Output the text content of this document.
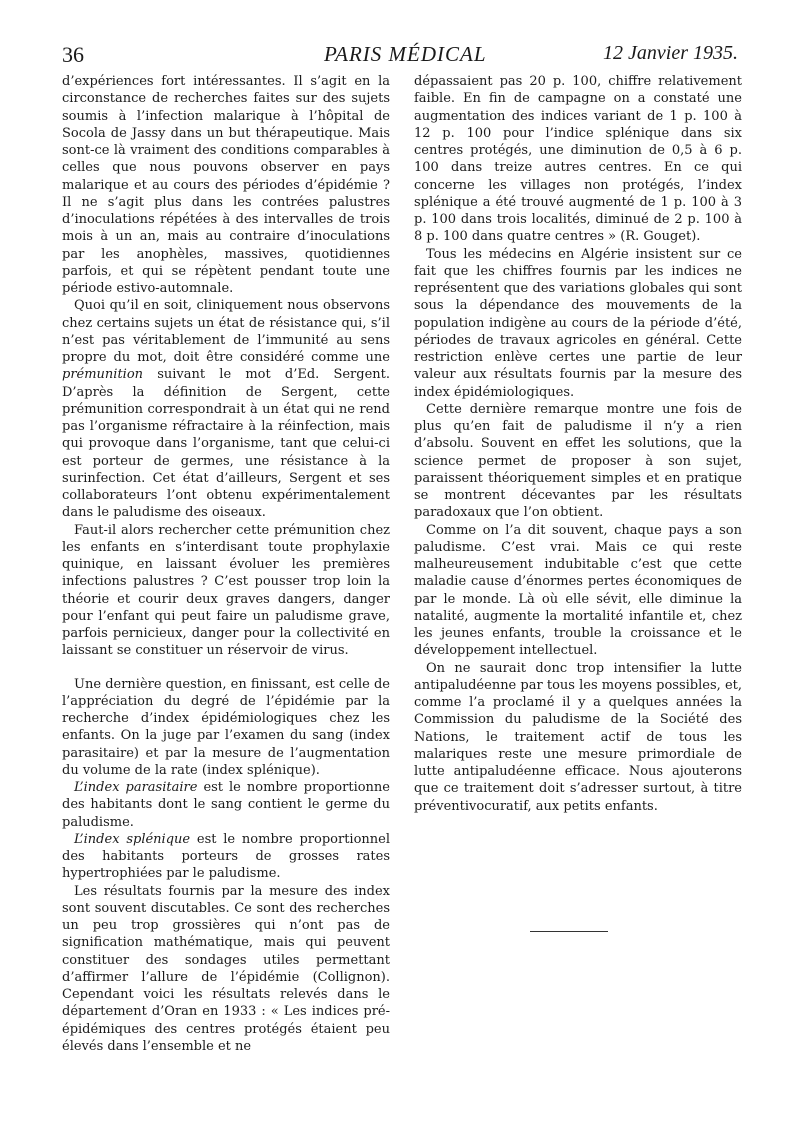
36	PARIS MÉDICAL	12 Janvier 1935.

d’expériences fort intéressantes. Il s’agit en la circonstance de recherches faites sur des sujets soumis à l’infection malarique à l’hôpital de Socola de Jassy dans un but thérapeutique. Mais sont-ce là vraiment des conditions comparables à celles que nous pouvons observer en pays malarique et au cours des périodes d’épidémie ? Il ne s’agit plus dans les contrées palustres d’inoculations répétées à des intervalles de trois mois à un an, mais au contraire d’inoculations par les anophèles, massives, quotidiennes parfois, et qui se répètent pendant toute une période estivo-automnale.

Quoi qu’il en soit, cliniquement nous observons chez certains sujets un état de résistance qui, s’il n’est pas véritablement de l’immunité au sens propre du mot, doit être considéré comme une prémunition suivant le mot d’Ed. Sergent. D’après la définition de Sergent, cette prémunition correspondrait à un état qui ne rend pas l’organisme réfractaire à la réinfection, mais qui provoque dans l’organisme, tant que celui-ci est porteur de germes, une résistance à la surinfection. Cet état d’ailleurs, Sergent et ses collaborateurs l’ont obtenu expérimentalement dans le paludisme des oiseaux.

Faut-il alors rechercher cette prémunition chez les enfants en s’interdisant toute prophylaxie quinique, en laissant évoluer les premières infections palustres ? C’est pousser trop loin la théorie et courir deux graves dangers, danger pour l’enfant qui peut faire un paludisme grave, parfois pernicieux, danger pour la collectivité en laissant se constituer un réservoir de virus.

Une dernière question, en finissant, est celle de l’appréciation du degré de l’épidémie par la recherche d’index épidémiologiques chez les enfants. On la juge par l’examen du sang (index parasitaire) et par la mesure de l’augmentation du volume de la rate (index splénique).

L’index parasitaire est le nombre proportionne des habitants dont le sang contient le germe du paludisme.

L’index splénique est le nombre proportionnel des habitants porteurs de grosses rates hypertrophiées par le paludisme.

Les résultats fournis par la mesure des index sont souvent discutables. Ce sont des recherches un peu trop grossières qui n’ont pas de signification mathématique, mais qui peuvent constituer des sondages utiles permettant d’affirmer l’allure de l’épidémie (Collignon). Cependant voici les résultats relevés dans le département d’Oran en 1933 : « Les indices pré-épidémiques des centres protégés étaient peu élevés dans l’ensemble et ne

dépassaient pas 20 p. 100, chiffre relativement faible. En fin de campagne on a constaté une augmentation des indices variant de 1 p. 100 à 12 p. 100 pour l’indice splénique dans six centres protégés, une diminution de 0,5 à 6 p. 100 dans treize autres centres. En ce qui concerne les villages non protégés, l’index splénique a été trouvé augmenté de 1 p. 100 à 3 p. 100 dans trois localités, diminué de 2 p. 100 à 8 p. 100 dans quatre centres » (R. Gouget).

Tous les médecins en Algérie insistent sur ce fait que les chiffres fournis par les indices ne représentent que des variations globales qui sont sous la dépendance des mouvements de la population indigène au cours de la période d’été, périodes de travaux agricoles en général. Cette restriction enlève certes une partie de leur valeur aux résultats fournis par la mesure des index épidémiologiques.

Cette dernière remarque montre une fois de plus qu’en fait de paludisme il n’y a rien d’absolu. Souvent en effet les solutions, que la science permet de proposer à son sujet, paraissent théoriquement simples et en pratique se montrent décevantes par les résultats paradoxaux que l’on obtient.

Comme on l’a dit souvent, chaque pays a son paludisme. C’est vrai. Mais ce qui reste malheureusement indubitable c’est que cette maladie cause d’énormes pertes économiques de par le monde. Là où elle sévit, elle diminue la natalité, augmente la mortalité infantile et, chez les jeunes enfants, trouble la croissance et le développement intellectuel.

On ne saurait donc trop intensifier la lutte antipaludéenne par tous les moyens possibles, et, comme l’a proclamé il y a quelques années la Commission du paludisme de la Société des Nations, le traitement actif de tous les malariques reste une mesure primordiale de lutte antipaludéenne efficace. Nous ajouterons que ce traitement doit s’adresser surtout, à titre préventivocuratif, aux petits enfants.
